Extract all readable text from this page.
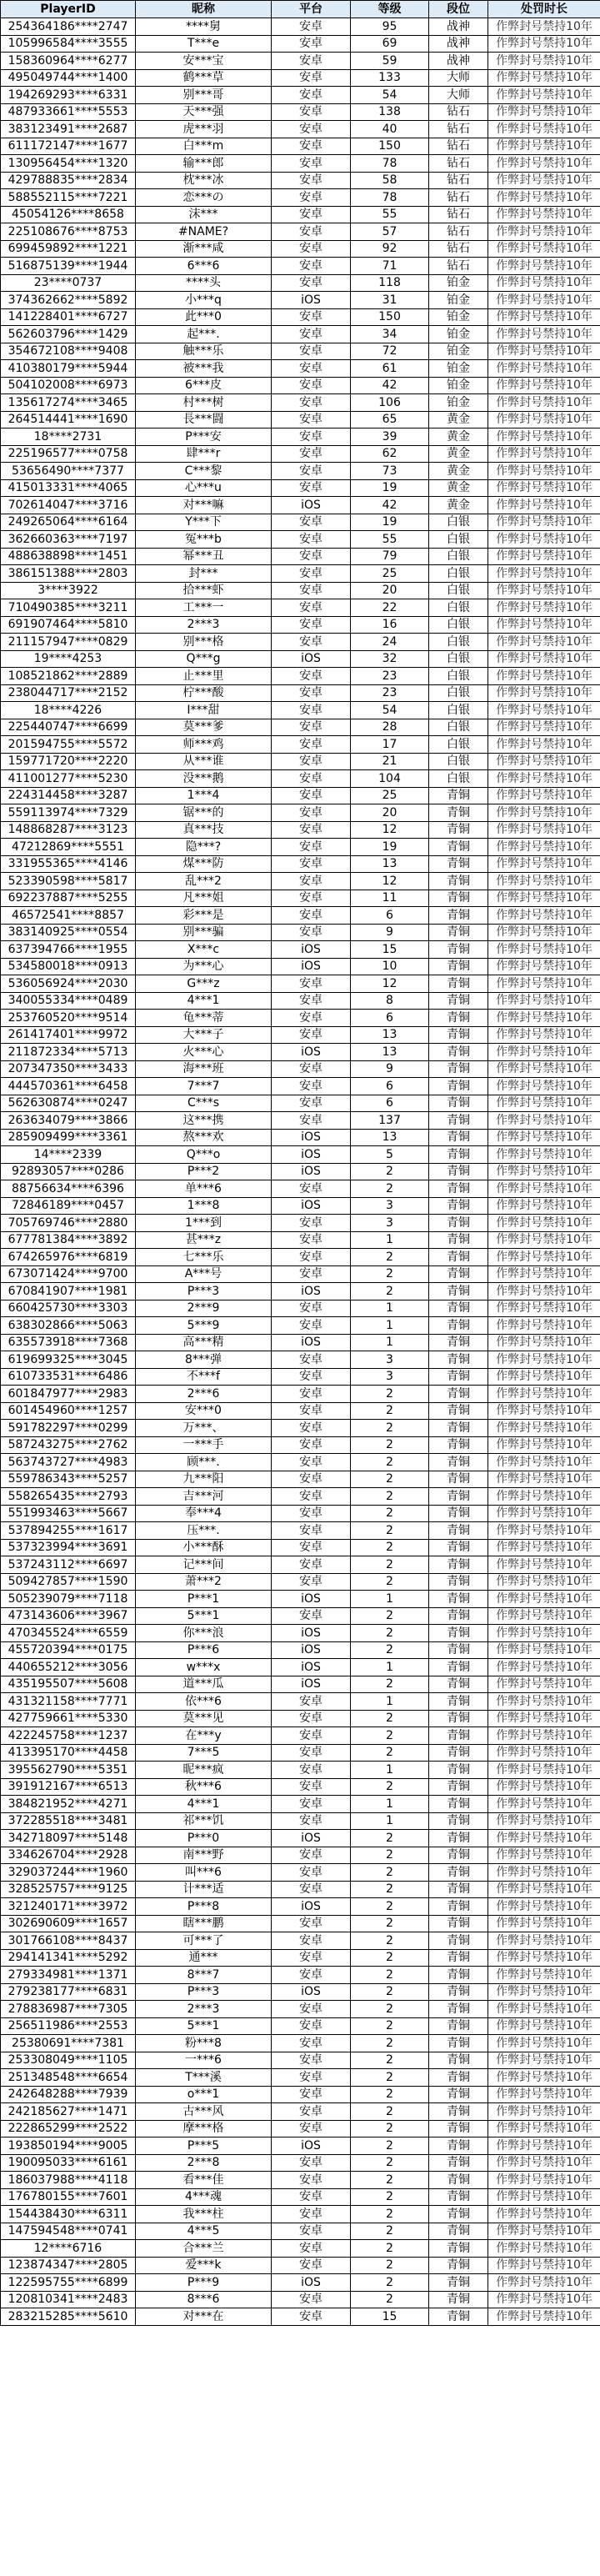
PlayerID	昵称	平台	等级	段位	处罚时长
254364186****2747	****舅	安卓	95	战神	作弊封号禁持10年
105996584****3555	T***e	安卓	69	战神	作弊封号禁持10年
158360964****6277	安***宝	安卓	59	战神	作弊封号禁持10年
495049744****1400	鹤***草	安卓	133	大师	作弊封号禁持10年
194269293****6331	别***哥	安卓	54	大师	作弊封号禁持10年
487933661****5553	天***强	安卓	138	钻石	作弊封号禁持10年
383123491****2687	虎***羽	安卓	40	钻石	作弊封号禁持10年
611172147****1677	白***m	安卓	150	钻石	作弊封号禁持10年
130956454****1320	输***郎	安卓	78	钻石	作弊封号禁持10年
429788835****2834	枕***冰	安卓	58	钻石	作弊封号禁持10年
588552115****7221	恋***の	安卓	78	钻石	作弊封号禁持10年
45054126****8658	沫***	安卓	55	钻石	作弊封号禁持10年
225108676****8753	#NAME?	安卓	57	钻石	作弊封号禁持10年
699459892****1221	渐***咸	安卓	92	钻石	作弊封号禁持10年
516875139****1944	6***6	安卓	71	钻石	作弊封号禁持10年
23****0737	****头	安卓	118	铂金	作弊封号禁持10年
374362662****5892	小***q	iOS	31	铂金	作弊封号禁持10年
141228401****6727	此***0	安卓	150	铂金	作弊封号禁持10年
562603796****1429	起***.	安卓	34	铂金	作弊封号禁持10年
354672108****9408	触***乐	安卓	72	铂金	作弊封号禁持10年
410380179****5944	被***我	安卓	61	铂金	作弊封号禁持10年
504102008****6973	6***皮	安卓	42	铂金	作弊封号禁持10年
135617274****3465	村***树	安卓	106	铂金	作弊封号禁持10年
264514441****1690	長***闘	安卓	65	黄金	作弊封号禁持10年
18****2731	P***安	安卓	39	黄金	作弊封号禁持10年
225196577****0758	肆***r	安卓	62	黄金	作弊封号禁持10年
53656490****7377	C***黎	安卓	73	黄金	作弊封号禁持10年
415013331****4065	心***u	安卓	19	黄金	作弊封号禁持10年
702614047****3716	对***嘛	iOS	42	黄金	作弊封号禁持10年
249265064****6164	Y***下	安卓	19	白银	作弊封号禁持10年
362660363****7197	冤***b	安卓	55	白银	作弊封号禁持10年
488638898****1451	幂***丑	安卓	79	白银	作弊封号禁持10年
386151388****2803	封***	安卓	25	白银	作弊封号禁持10年
3****3922	拾***虾	安卓	20	白银	作弊封号禁持10年
710490385****3211	工***一	安卓	22	白银	作弊封号禁持10年
691907464****5810	2***3	安卓	16	白银	作弊封号禁持10年
211157947****0829	别***格	安卓	24	白银	作弊封号禁持10年
19****4253	Q***g	iOS	32	白银	作弊封号禁持10年
108521862****2889	止***里	安卓	23	白银	作弊封号禁持10年
238044717****2152	柠***酸	安卓	23	白银	作弊封号禁持10年
18****4226	I***甜	安卓	54	白银	作弊封号禁持10年
225440747****6699	莫***爹	安卓	28	白银	作弊封号禁持10年
201594755****5572	师***鸡	安卓	17	白银	作弊封号禁持10年
159771720****2220	从***谁	安卓	21	白银	作弊封号禁持10年
411001277****5230	没***鹅	安卓	104	白银	作弊封号禁持10年
224314458****3287	1***4	安卓	25	青铜	作弊封号禁持10年
559113974****7329	锯***的	安卓	20	青铜	作弊封号禁持10年
148868287****3123	真***技	安卓	12	青铜	作弊封号禁持10年
47212869****5551	隐***?	安卓	19	青铜	作弊封号禁持10年
331955365****4146	煤***防	安卓	13	青铜	作弊封号禁持10年
523390598****5817	乱***2	安卓	12	青铜	作弊封号禁持10年
692237887****5255	凡***姐	安卓	11	青铜	作弊封号禁持10年
46572541****8857	彩***是	安卓	6	青铜	作弊封号禁持10年
383140925****0554	别***骗	安卓	9	青铜	作弊封号禁持10年
637394766****1955	X***c	iOS	15	青铜	作弊封号禁持10年
534580018****0913	为***心	iOS	10	青铜	作弊封号禁持10年
536056924****2030	G***z	安卓	12	青铜	作弊封号禁持10年
340055334****0489	4***1	安卓	8	青铜	作弊封号禁持10年
253760520****9514	龟***蒂	安卓	6	青铜	作弊封号禁持10年
261417401****9972	大***子	安卓	13	青铜	作弊封号禁持10年
211872334****5713	火***心	iOS	13	青铜	作弊封号禁持10年
207347350****3433	海***班	安卓	9	青铜	作弊封号禁持10年
444570361****6458	7***7	安卓	6	青铜	作弊封号禁持10年
562630874****0247	C***s	安卓	6	青铜	作弊封号禁持10年
263634079****3866	这***携	安卓	137	青铜	作弊封号禁持10年
285909499****3361	熬***欢	iOS	13	青铜	作弊封号禁持10年
14****2339	Q***o	iOS	5	青铜	作弊封号禁持10年
92893057****0286	P***2	iOS	2	青铜	作弊封号禁持10年
88756634****6396	单***6	安卓	2	青铜	作弊封号禁持10年
72846189****0457	1***8	iOS	3	青铜	作弊封号禁持10年
705769746****2880	1***到	安卓	3	青铜	作弊封号禁持10年
677781384****3892	甚***z	安卓	1	青铜	作弊封号禁持10年
674265976****6819	七***乐	安卓	2	青铜	作弊封号禁持10年
673071424****9700	A***号	安卓	2	青铜	作弊封号禁持10年
670841907****1981	P***3	iOS	2	青铜	作弊封号禁持10年
660425730****3303	2***9	安卓	1	青铜	作弊封号禁持10年
638302866****5063	5***9	安卓	1	青铜	作弊封号禁持10年
635573918****7368	高***精	iOS	1	青铜	作弊封号禁持10年
619699325****3045	8***弹	安卓	3	青铜	作弊封号禁持10年
610733531****6486	不***f	安卓	3	青铜	作弊封号禁持10年
601847977****2983	2***6	安卓	2	青铜	作弊封号禁持10年
601454960****1257	安***0	安卓	2	青铜	作弊封号禁持10年
591782297****0299	万***、	安卓	2	青铜	作弊封号禁持10年
587243275****2762	一***手	安卓	2	青铜	作弊封号禁持10年
563743727****4983	顾***.	安卓	2	青铜	作弊封号禁持10年
559786343****5257	九***阳	安卓	2	青铜	作弊封号禁持10年
558265435****2793	吉***河	安卓	2	青铜	作弊封号禁持10年
551993463****5667	奉***4	安卓	2	青铜	作弊封号禁持10年
537894255****1617	压***.	安卓	2	青铜	作弊封号禁持10年
537323994****3691	小***酥	安卓	2	青铜	作弊封号禁持10年
537243112****6697	记***间	安卓	2	青铜	作弊封号禁持10年
509427857****1590	萧***2	安卓	2	青铜	作弊封号禁持10年
505239079****7118	P***1	iOS	1	青铜	作弊封号禁持10年
473143606****3967	5***1	安卓	2	青铜	作弊封号禁持10年
470345524****6559	你***浪	iOS	2	青铜	作弊封号禁持10年
455720394****0175	P***6	iOS	2	青铜	作弊封号禁持10年
440655212****3056	w***x	iOS	1	青铜	作弊封号禁持10年
435195507****5608	道***瓜	iOS	2	青铜	作弊封号禁持10年
431321158****7771	依***6	安卓	1	青铜	作弊封号禁持10年
427759661****5330	莫***见	安卓	2	青铜	作弊封号禁持10年
422245758****1237	在***y	安卓	2	青铜	作弊封号禁持10年
413395170****4458	7***5	安卓	2	青铜	作弊封号禁持10年
395562790****5351	昵***疯	安卓	1	青铜	作弊封号禁持10年
391912167****6513	秋***6	安卓	2	青铜	作弊封号禁持10年
384821952****4271	4***1	安卓	1	青铜	作弊封号禁持10年
372285518****3481	祁***饥	安卓	1	青铜	作弊封号禁持10年
342718097****5148	P***0	iOS	2	青铜	作弊封号禁持10年
334626704****2928	南***野	安卓	2	青铜	作弊封号禁持10年
329037244****1960	叫***6	安卓	2	青铜	作弊封号禁持10年
328525757****9125	计***适	安卓	2	青铜	作弊封号禁持10年
321240171****3972	P***8	iOS	2	青铜	作弊封号禁持10年
302690609****1657	瞎***鹏	安卓	2	青铜	作弊封号禁持10年
301766108****8437	可***了	安卓	2	青铜	作弊封号禁持10年
294141341****5292	通***	安卓	2	青铜	作弊封号禁持10年
279334981****1371	8***7	安卓	2	青铜	作弊封号禁持10年
279238177****6831	P***3	iOS	2	青铜	作弊封号禁持10年
278836987****7305	2***3	安卓	2	青铜	作弊封号禁持10年
256511986****2553	5***1	安卓	2	青铜	作弊封号禁持10年
25380691****7381	粉***8	安卓	2	青铜	作弊封号禁持10年
253308049****1105	一***6	安卓	2	青铜	作弊封号禁持10年
251348548****6654	T***溪	安卓	2	青铜	作弊封号禁持10年
242648288****7939	o***1	安卓	2	青铜	作弊封号禁持10年
242185627****1471	古***风	安卓	2	青铜	作弊封号禁持10年
222865299****2522	摩***格	安卓	2	青铜	作弊封号禁持10年
193850194****9005	P***5	iOS	2	青铜	作弊封号禁持10年
190095033****6161	2***8	安卓	2	青铜	作弊封号禁持10年
186037988****4118	看***佳	安卓	2	青铜	作弊封号禁持10年
176780155****7601	4***魂	安卓	2	青铜	作弊封号禁持10年
154438430****6311	我***柱	安卓	2	青铜	作弊封号禁持10年
147594548****0741	4***5	安卓	2	青铜	作弊封号禁持10年
12****6716	合***兰	安卓	2	青铜	作弊封号禁持10年
123874347****2805	爱***k	安卓	2	青铜	作弊封号禁持10年
122595755****6899	P***9	iOS	2	青铜	作弊封号禁持10年
120810341****2483	8***6	安卓	2	青铜	作弊封号禁持10年
283215285****5610	对***在	安卓	15	青铜	作弊封号禁持10年
